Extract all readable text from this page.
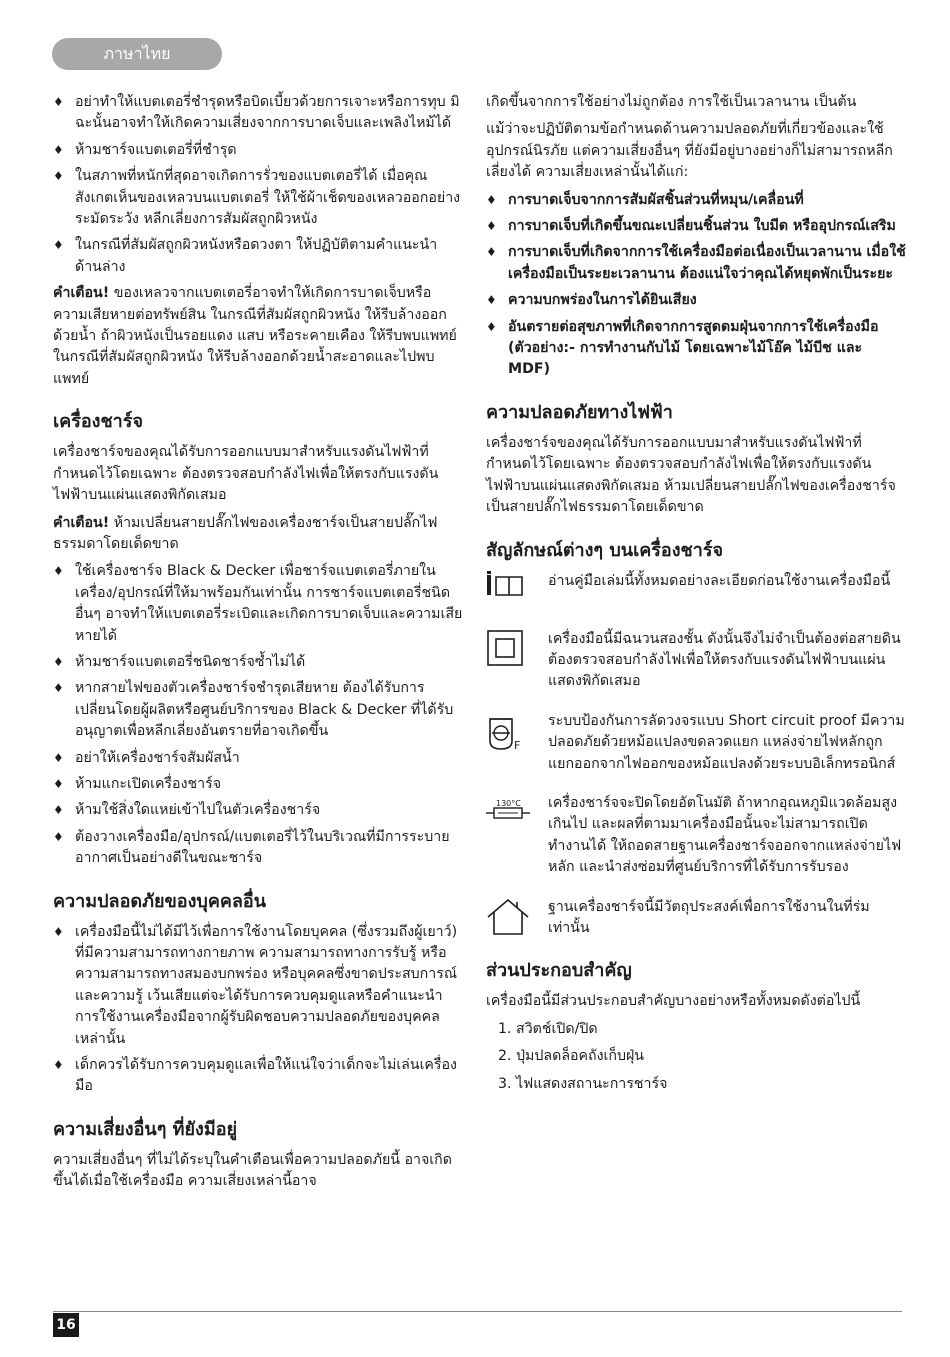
ภาษาไทย
♦ อย่าทำให้แบตเตอรี่ชำรุดหรือบิดเบี้ยวด้วยการเจาะหรือการทุบ มิฉะนั้นอาจทำให้เกิดความเสี่ยงจากการบาดเจ็บและเพลิงไหม้ได้
♦ ห้ามชาร์จแบตเตอรี่ที่ชำรุด
♦ ในสภาพที่หนักที่สุดอาจเกิดการรั่วของแบตเตอรี่ได้ เมื่อคุณสังเกตเห็นของเหลวบนแบตเตอรี่ ให้ใช้ผ้าเช็ดของเหลวออกอย่างระมัดระวัง หลีกเลี่ยงการสัมผัสถูกผิวหนัง
♦ ในกรณีที่สัมผัสถูกผิวหนังหรือดวงตา ให้ปฏิบัติตามคำแนะนำด้านล่าง

คำเตือน! ของเหลวจากแบตเตอรี่อาจทำให้เกิดการบาดเจ็บหรือความเสียหายต่อทรัพย์สิน ในกรณีที่สัมผัสถูกผิวหนัง ให้รีบล้างออกด้วยน้ำ ถ้าผิวหนังเป็นรอยแดง แสบ หรือระคายเคือง ให้รีบพบแพทย์ ในกรณีที่สัมผัสถูกผิวหนัง ให้รีบล้างออกด้วยน้ำสะอาดและไปพบแพทย์

เครื่องชาร์จ

เครื่องชาร์จของคุณได้รับการออกแบบมาสำหรับแรงดันไฟฟ้าที่กำหนดไว้โดยเฉพาะ ต้องตรวจสอบกำลังไฟเพื่อให้ตรงกับแรงดันไฟฟ้าบนแผ่นแสดงพิกัดเสมอ

คำเตือน! ห้ามเปลี่ยนสายปลั๊กไฟของเครื่องชาร์จเป็นสายปลั๊กไฟธรรมดาโดยเด็ดขาด

♦ ใช้เครื่องชาร์จ Black & Decker เพื่อชาร์จแบตเตอรี่ภายในเครื่อง/อุปกรณ์ที่ให้มาพร้อมกันเท่านั้น การชาร์จแบตเตอรี่ชนิดอื่นๆ อาจทำให้แบตเตอรี่ระเบิดและเกิดการบาดเจ็บและความเสียหายได้
♦ ห้ามชาร์จแบตเตอรี่ชนิดชาร์จซ้ำไม่ได้
♦ หากสายไฟของตัวเครื่องชาร์จชำรุดเสียหาย ต้องได้รับการเปลี่ยนโดยผู้ผลิตหรือศูนย์บริการของ Black & Decker ที่ได้รับอนุญาตเพื่อหลีกเลี่ยงอันตรายที่อาจเกิดขึ้น
♦ อย่าให้เครื่องชาร์จสัมผัสน้ำ
♦ ห้ามแกะเปิดเครื่องชาร์จ
♦ ห้ามใช้สิ่งใดแหย่เข้าไปในตัวเครื่องชาร์จ
♦ ต้องวางเครื่องมือ/อุปกรณ์/แบตเตอรี่ไว้ในบริเวณที่มีการระบายอากาศเป็นอย่างดีในขณะชาร์จ
ความปลอดภัยของบุคคลอื่น
♦ เครื่องมือนี้ไม่ได้มีไว้เพื่อการใช้งานโดยบุคคล (ซึ่งรวมถึงผู้เยาว์) ที่มีความสามารถทางกายภาพ ความสามารถทางการรับรู้ หรือความสามารถทางสมองบกพร่อง หรือบุคคลซึ่งขาดประสบการณ์และความรู้ เว้นเสียแต่จะได้รับการควบคุมดูแลหรือคำแนะนำการใช้งานเครื่องมือจากผู้รับผิดชอบความปลอดภัยของบุคคลเหล่านั้น
♦ เด็กควรได้รับการควบคุมดูแลเพื่อให้แน่ใจว่าเด็กจะไม่เล่นเครื่องมือ
ความเสี่ยงอื่นๆ ที่ยังมีอยู่

ความเสี่ยงอื่นๆ ที่ไม่ได้ระบุในคำเตือนเพื่อความปลอดภัยนี้ อาจเกิดขึ้นได้เมื่อใช้เครื่องมือ ความเสี่ยงเหล่านี้อาจ

เกิดขึ้นจากการใช้อย่างไม่ถูกต้อง การใช้เป็นเวลานาน เป็นต้น

แม้ว่าจะปฏิบัติตามข้อกำหนดด้านความปลอดภัยที่เกี่ยวข้องและใช้อุปกรณ์นิรภัย แต่ความเสี่ยงอื่นๆ ที่ยังมีอยู่บางอย่างก็ไม่สามารถหลีกเลี่ยงได้ ความเสี่ยงเหล่านั้นได้แก่:

♦ การบาดเจ็บจากการสัมผัสชิ้นส่วนที่หมุน/เคลื่อนที่
♦ การบาดเจ็บที่เกิดขึ้นขณะเปลี่ยนชิ้นส่วน ใบมีด หรืออุปกรณ์เสริม
♦ การบาดเจ็บที่เกิดจากการใช้เครื่องมือต่อเนื่องเป็นเวลานาน เมื่อใช้เครื่องมือเป็นระยะเวลานาน ต้องแน่ใจว่าคุณได้หยุดพักเป็นระยะ
♦ ความบกพร่องในการได้ยินเสียง
♦ อันตรายต่อสุขภาพที่เกิดจากการสูดดมฝุ่นจากการใช้เครื่องมือ (ตัวอย่าง:- การทำงานกับไม้ โดยเฉพาะไม้โอ๊ค ไม้บีช และ MDF)
ความปลอดภัยทางไฟฟ้า

เครื่องชาร์จของคุณได้รับการออกแบบมาสำหรับแรงดันไฟฟ้าที่กำหนดไว้โดยเฉพาะ ต้องตรวจสอบกำลังไฟเพื่อให้ตรงกับแรงดันไฟฟ้าบนแผ่นแสดงพิกัดเสมอ ห้ามเปลี่ยนสายปลั๊กไฟของเครื่องชาร์จเป็นสายปลั๊กไฟธรรมดาโดยเด็ดขาด

สัญลักษณ์ต่างๆ บนเครื่องชาร์จ
อ่านคู่มือเล่มนี้ทั้งหมดอย่างละเอียดก่อนใช้งานเครื่องมือนี้
เครื่องมือนี้มีฉนวนสองชั้น ดังนั้นจึงไม่จำเป็นต้องต่อสายดิน ต้องตรวจสอบกำลังไฟเพื่อให้ตรงกับแรงดันไฟฟ้าบนแผ่นแสดงพิกัดเสมอ
F
ระบบป้องกันการลัดวงจรแบบ Short circuit proof มีความปลอดภัยด้วยหม้อแปลงขดลวดแยก แหล่งจ่ายไฟหลักถูกแยกออกจากไฟออกของหม้อแปลงด้วยระบบอิเล็กทรอนิกส์
130°C เครื่องชาร์จจะปิดโดยอัตโนมัติ ถ้าหากอุณหภูมิแวดล้อมสูงเกินไป และผลที่ตามมาเครื่องมือนั้นจะไม่สามารถเปิดทำงานได้ ให้ถอดสายฐานเครื่องชาร์จออกจากแหล่งจ่ายไฟหลัก และนำส่งซ่อมที่ศูนย์บริการที่ได้รับการรับรอง
ฐานเครื่องชาร์จนี้มีวัตถุประสงค์เพื่อการใช้งานในที่ร่มเท่านั้น
ส่วนประกอบสำคัญ

เครื่องมือนี้มีส่วนประกอบสำคัญบางอย่างหรือทั้งหมดดังต่อไปนี้

1. สวิตช์เปิด/ปิด
2. ปุ่มปลดล็อคถังเก็บฝุ่น
3. ไฟแสดงสถานะการชาร์จ
16
